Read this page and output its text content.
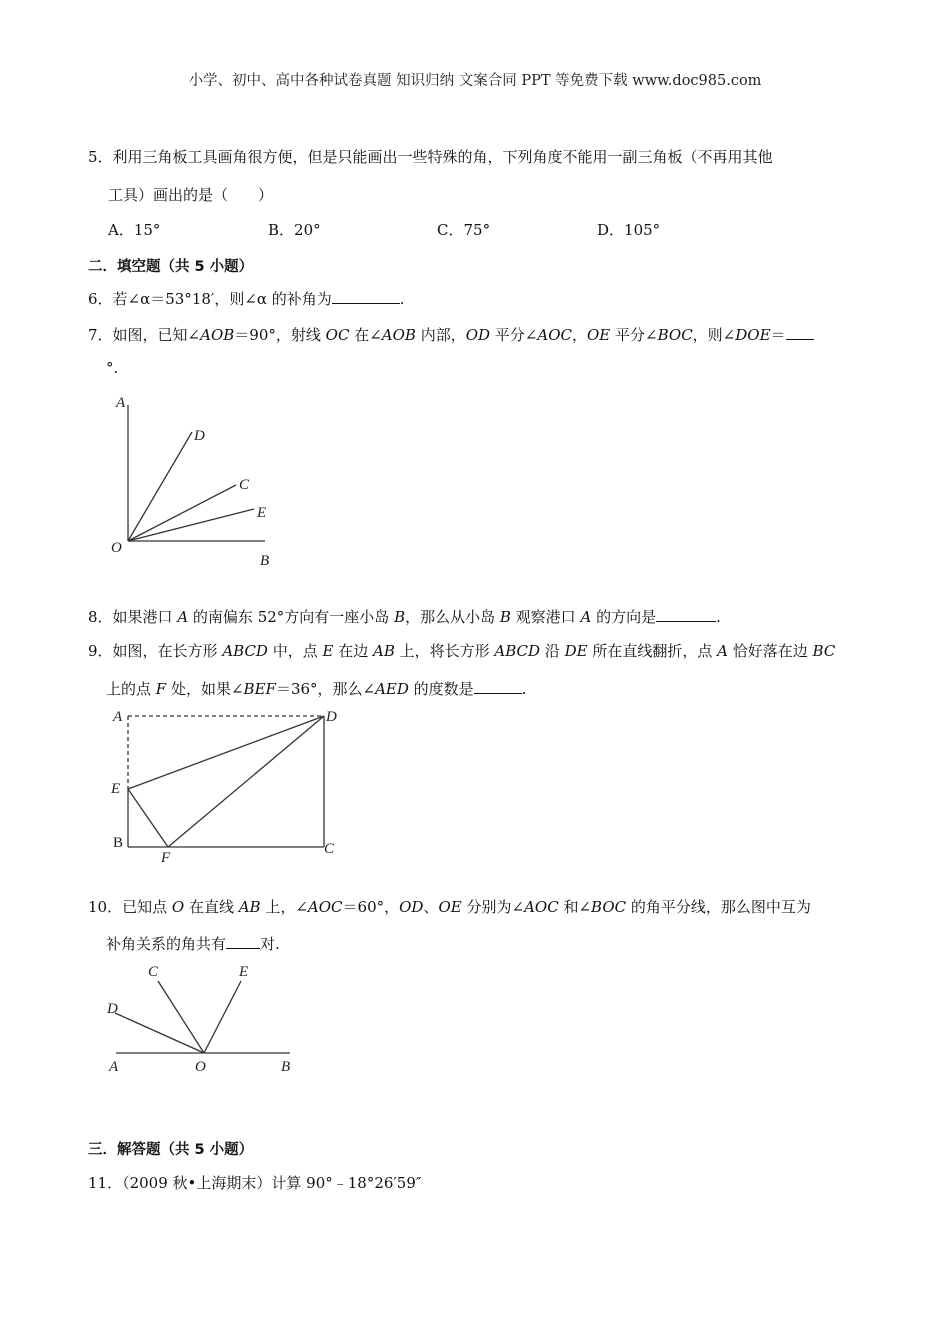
小学、初中、高中各种试卷真题 知识归纳 文案合同 PPT 等免费下载 www.doc985.com
5．利用三角板工具画角很方便，但是只能画出一些特殊的角，下列角度不能用一副三角板（不再用其他
工具）画出的是（　　）
A．15°	B．20°	C．75°	D．105°
二．填空题（共 5 小题）
6．若∠α＝53°18′，则∠α 的补角为	.
7．如图，已知∠AOB＝90°，射线 OC 在∠AOB 内部，OD 平分∠AOC，OE 平分∠BOC，则∠DOE＝
°.
A
D
C
E
O
B
8．如果港口 A 的南偏东 52°方向有一座小岛 B，那么从小岛 B 观察港口 A 的方向是	.
9．如图，在长方形 ABCD 中，点 E 在边 AB 上，将长方形 ABCD 沿 DE 所在直线翻折，点 A 恰好落在边 BC
上的点 F 处，如果∠BEF＝36°，那么∠AED 的度数是	.
A	D
E
B
F
C
10．已知点 O 在直线 AB 上，∠AOC＝60°，OD、OE 分别为∠AOC 和∠BOC 的角平分线，那么图中互为
补角关系的角共有 对.
C	E
D
A	O	B
三．解答题（共 5 小题）
11．（2009 秋•上海期末）计算 90°﹣18°26′59″
